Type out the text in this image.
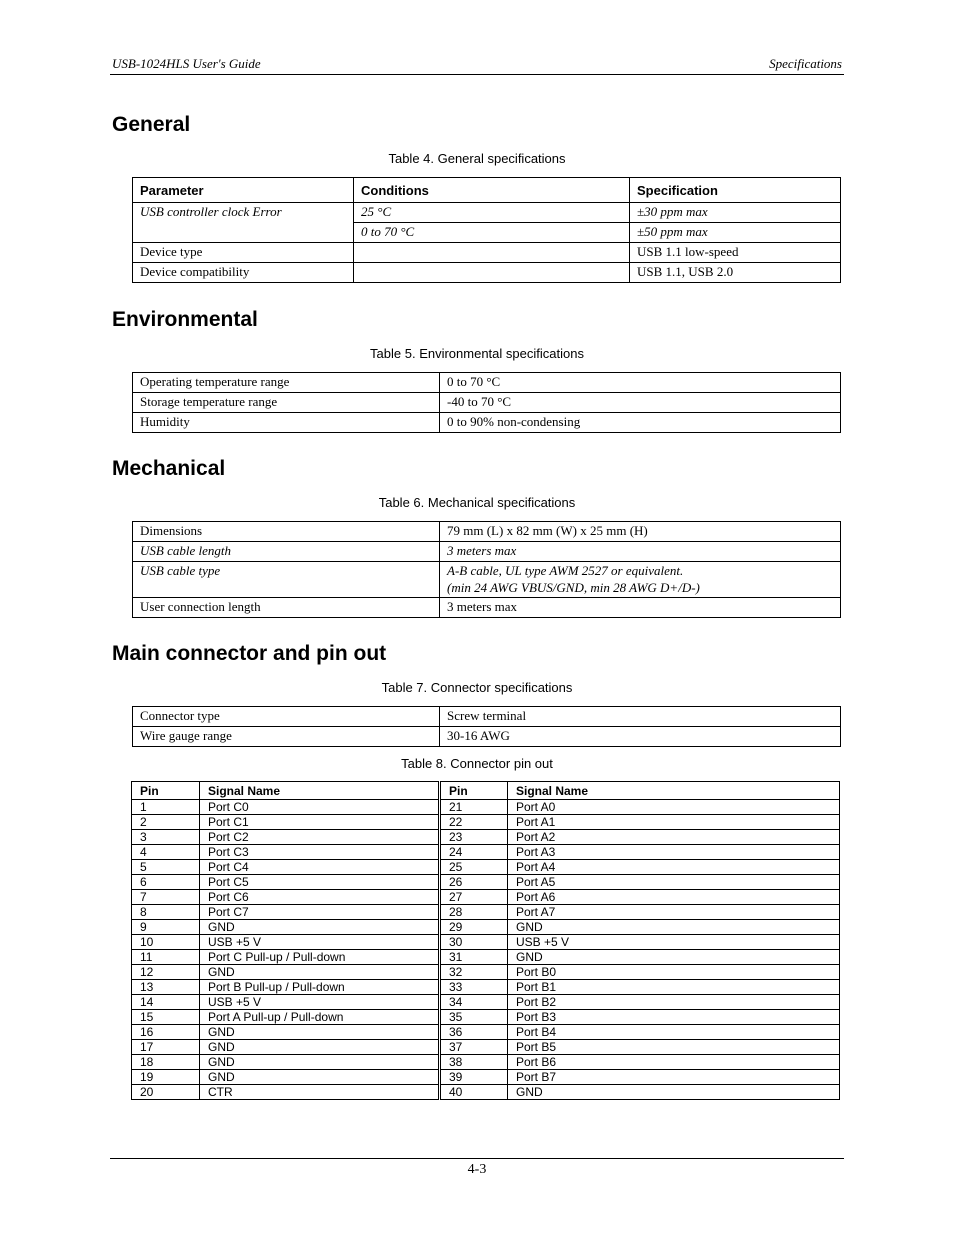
USB-1024HLS User's Guide	Specifications
General
Table 4. General specifications
Parameter	Conditions	Specification
USB controller clock Error	25 °C	±30 ppm max
	0 to 70 °C	±50 ppm max
Device type		USB 1.1 low-speed
Device compatibility		USB 1.1, USB 2.0
Environmental
Table 5. Environmental specifications
Operating temperature range	0 to 70 °C
Storage temperature range	-40 to 70 °C
Humidity	0 to 90% non-condensing
Mechanical
Table 6. Mechanical specifications
Dimensions	79 mm (L) x 82 mm (W) x 25 mm (H)
USB cable length	3 meters max
USB cable type	A-B cable, UL type AWM 2527 or equivalent.
(min 24 AWG VBUS/GND, min 28 AWG D+/D-)

User connection length	3 meters max
Main connector and pin out
Table 7. Connector specifications
Connector type	Screw terminal
Wire gauge range	30-16 AWG
Table 8. Connector pin out
Pin	Signal Name	Pin	Signal Name
1	Port C0	21	Port A0
2	Port C1	22	Port A1
3	Port C2	23	Port A2
4	Port C3	24	Port A3
5	Port C4	25	Port A4
6	Port C5	26	Port A5
7	Port C6	27	Port A6
8	Port C7	28	Port A7
9	GND	29	GND
10	USB +5 V	30	USB +5 V
11	Port C Pull-up / Pull-down	31	GND
12	GND	32	Port B0
13	Port B Pull-up / Pull-down	33	Port B1
14	USB +5 V	34	Port B2
15	Port A Pull-up / Pull-down	35	Port B3
16	GND	36	Port B4
17	GND	37	Port B5
18	GND	38	Port B6
19	GND	39	Port B7
20	CTR	40	GND
4-3
